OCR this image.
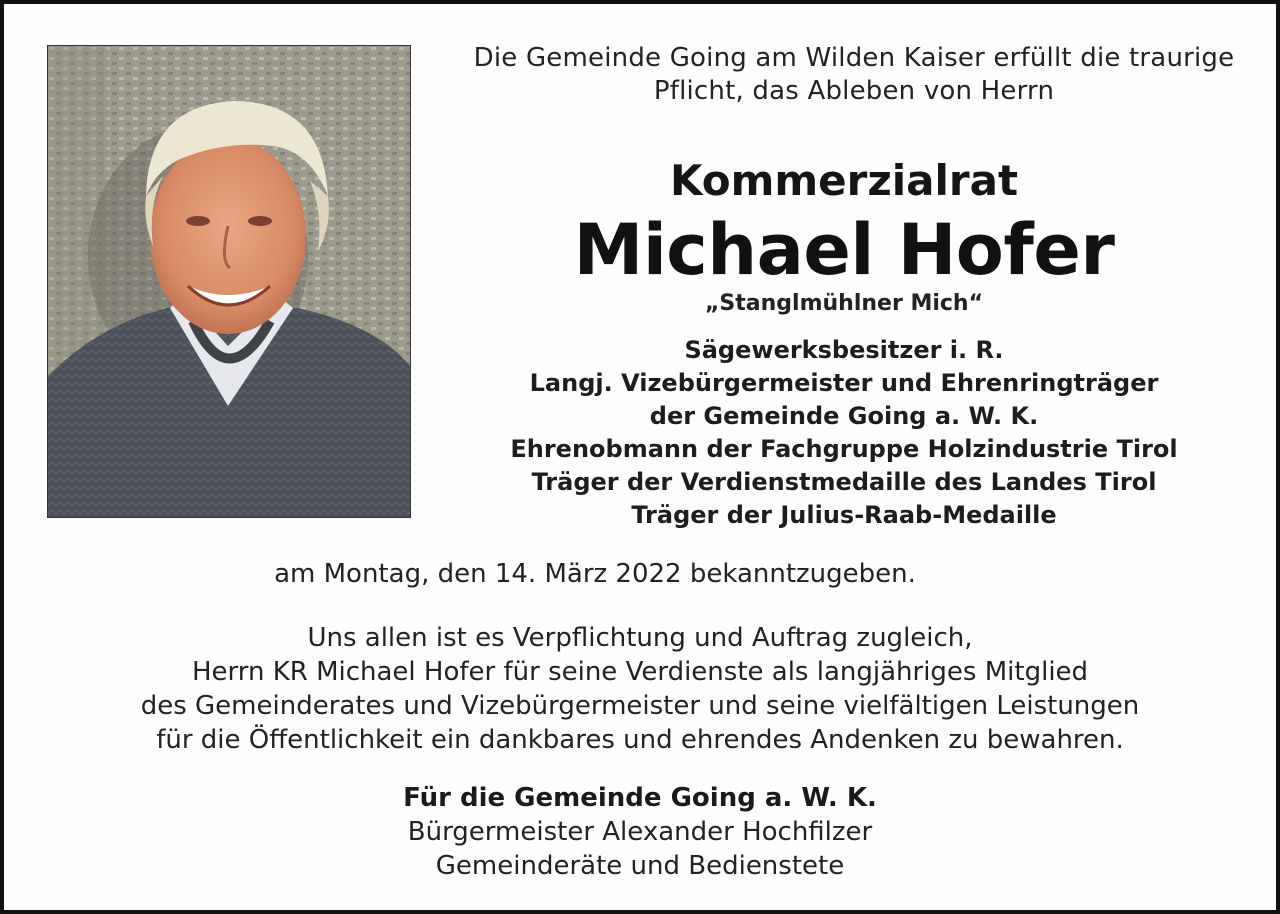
Die Gemeinde Going am Wilden Kaiser erfüllt die traurige
Pflicht, das Ableben von Herrn
Kommerzialrat
Michael Hofer
„Stanglmühlner Mich“
Sägewerksbesitzer i. R.
Langj. Vizebürgermeister und Ehrenringträger
der Gemeinde Going a. W. K.
Ehrenobmann der Fachgruppe Holzindustrie Tirol
Träger der Verdienstmedaille des Landes Tirol
Träger der Julius-Raab-Medaille
am Montag, den 14. März 2022 bekanntzugeben.
Uns allen ist es Verpflichtung und Auftrag zugleich,
Herrn KR Michael Hofer für seine Verdienste als langjähriges Mitglied
des Gemeinderates und Vizebürgermeister und seine vielfältigen Leistungen
für die Öffentlichkeit ein dankbares und ehrendes Andenken zu bewahren.
Für die Gemeinde Going a. W. K.
Bürgermeister Alexander Hochfilzer
Gemeinderäte und Bedienstete
